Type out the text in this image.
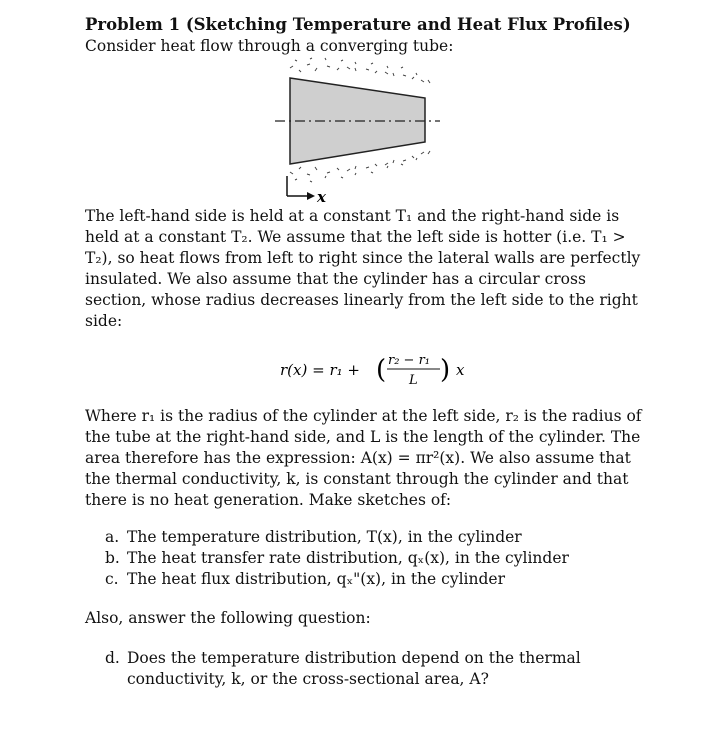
Problem 1 (Sketching Temperature and Heat Flux Profiles)

Consider heat flow through a converging tube:

x

The left-hand side is held at a constant T₁ and the right-hand side is held at a constant T₂. We assume that the left side is hotter (i.e. T₁ > T₂), so heat flows from left to right since the lateral walls are perfectly insulated. We also assume that the cylinder has a circular cross section, whose radius decreases linearly from the left side to the right side:

r(x) = r₁ + ( r₂ − r₁
L ) x

Where r₁ is the radius of the cylinder at the left side, r₂ is the radius of the tube at the right-hand side, and L is the length of the cylinder. The area therefore has the expression: A(x) = πr²(x). We also assume that the thermal conductivity, k, is constant through the cylinder and that there is no heat generation. Make sketches of:

a. The temperature distribution, T(x), in the cylinder
b. The heat transfer rate distribution, qₓ(x), in the cylinder
c. The heat flux distribution, qₓ"(x), in the cylinder

Also, answer the following question:

d. Does the temperature distribution depend on the thermal conductivity, k, or the cross-sectional area, A?
